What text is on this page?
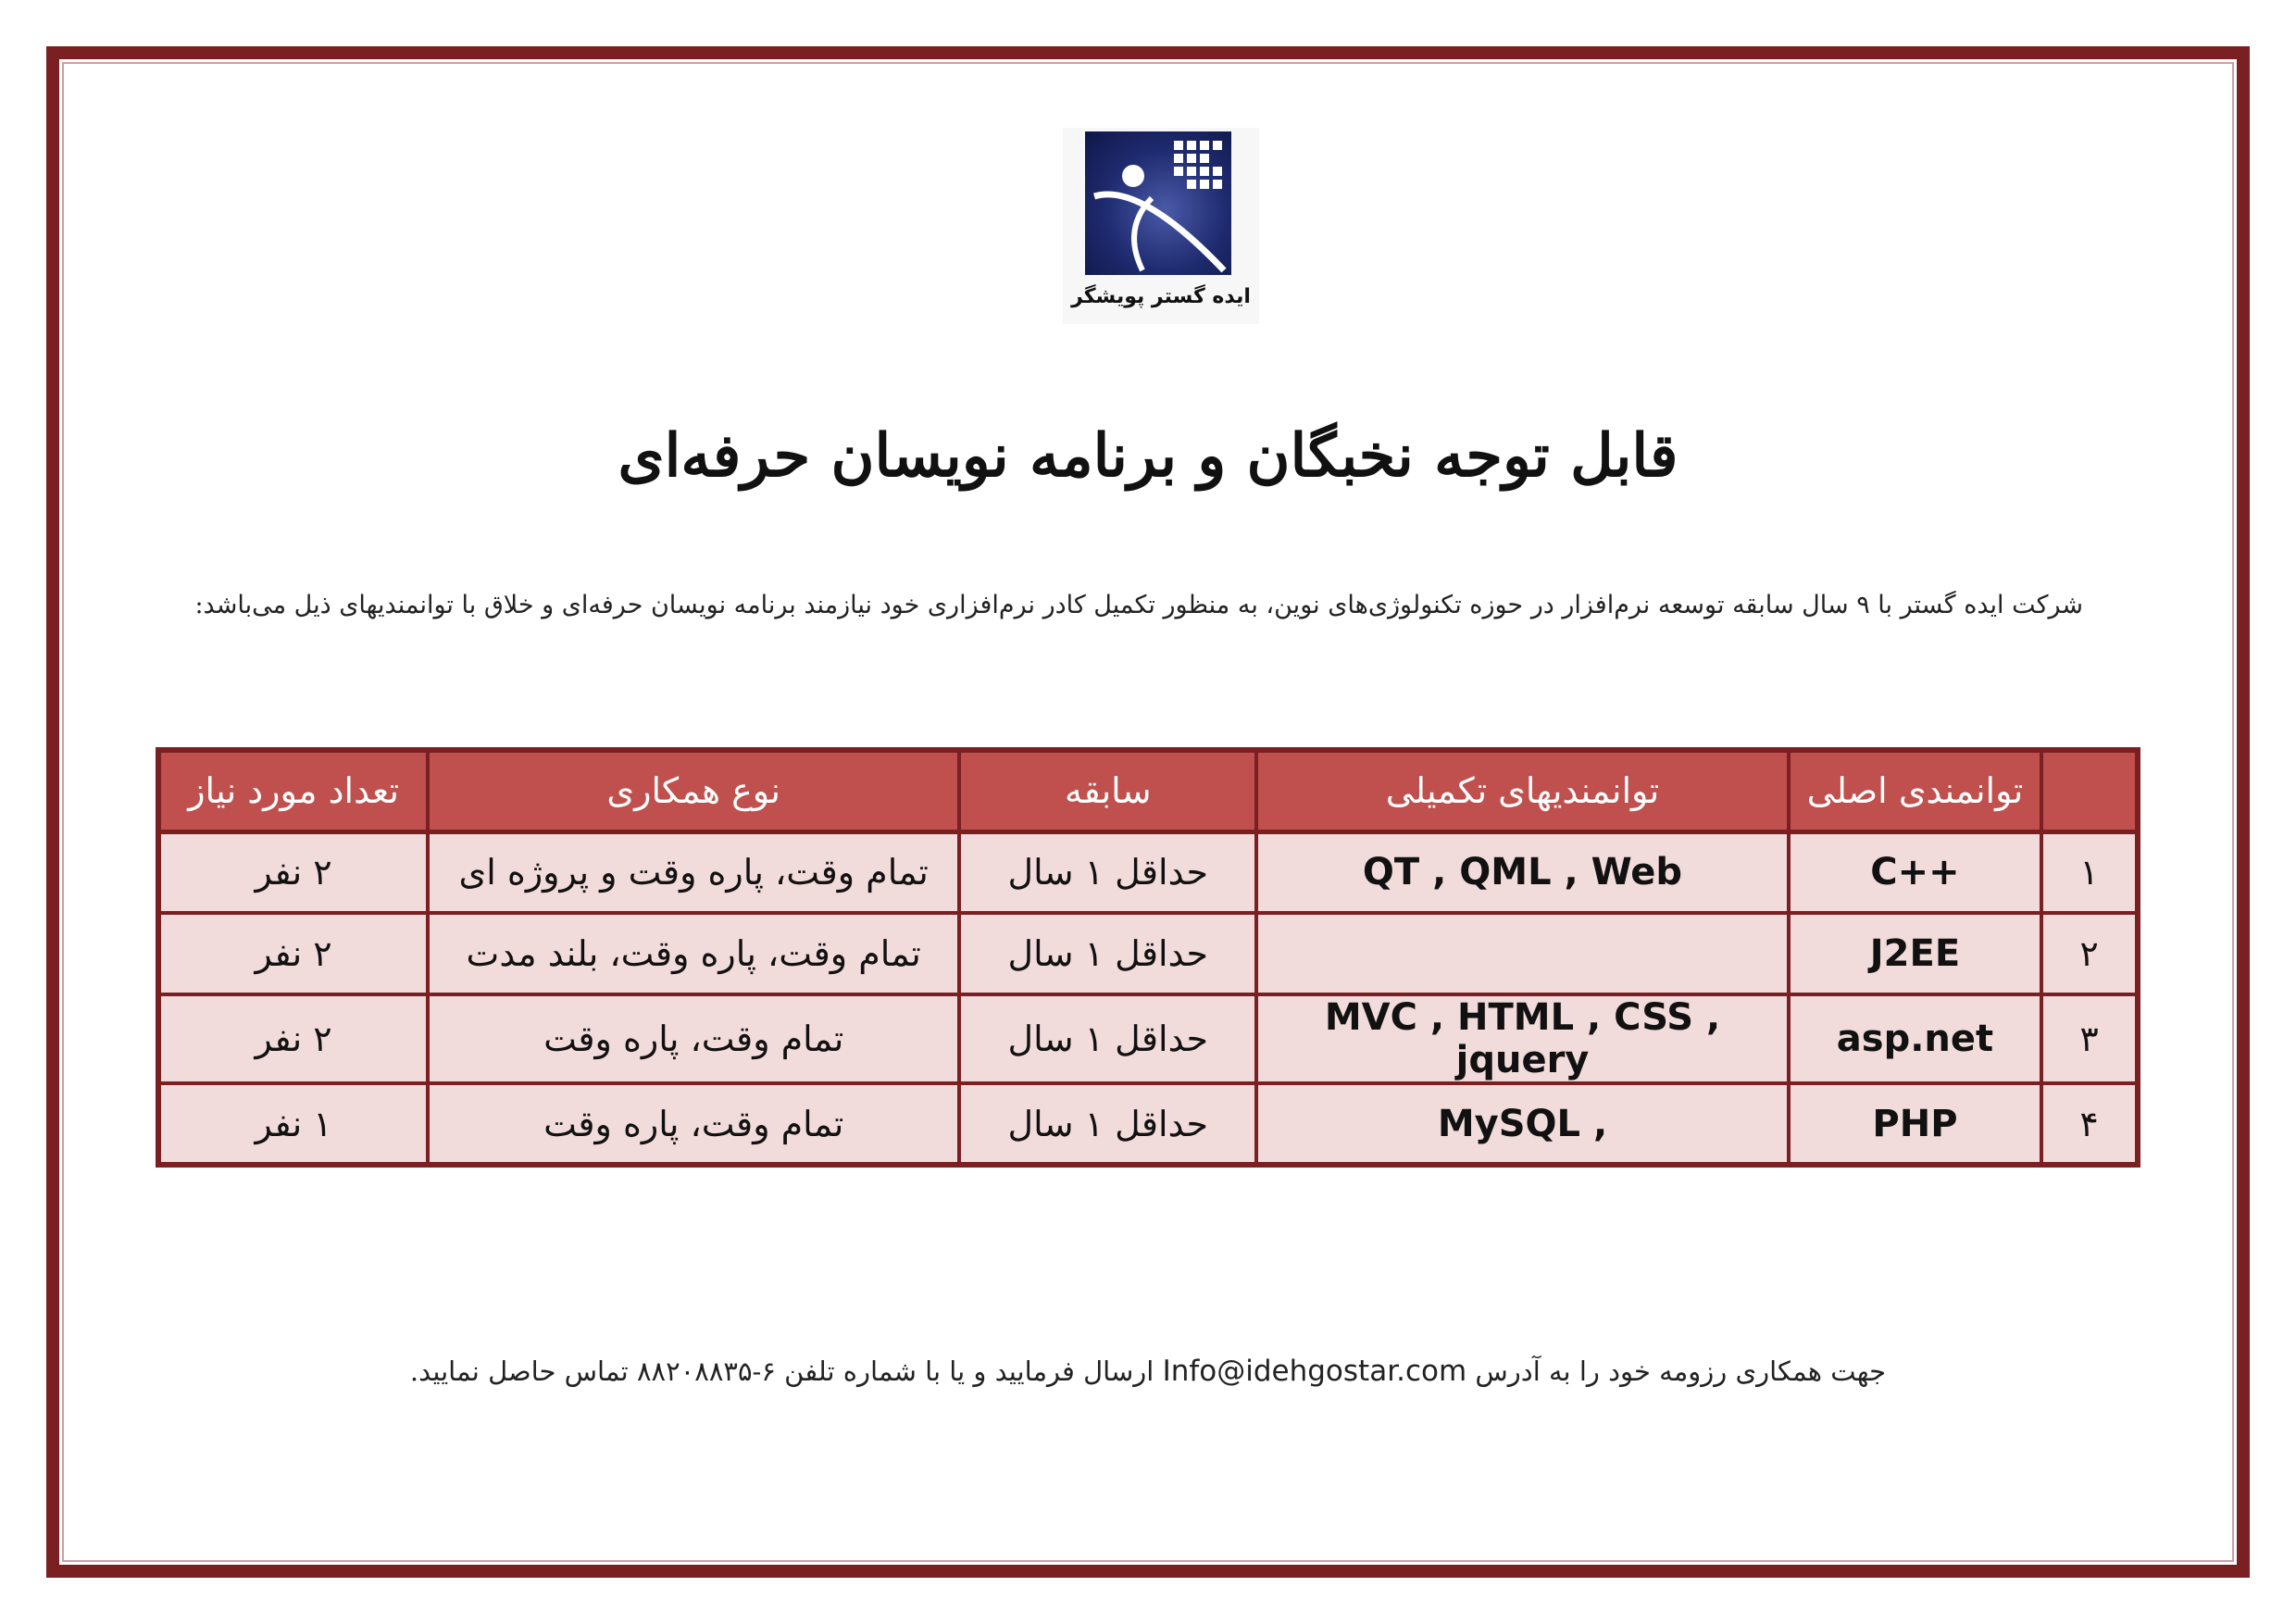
ایده گستر پویشگر
قابل توجه نخبگان و برنامه نویسان حرفه‌ای
شرکت ایده گستر با ۹ سال سابقه توسعه نرم‌افزار در حوزه تکنولوژی‌های نوین، به منظور تکمیل کادر نرم‌افزاری خود نیازمند برنامه نویسان حرفه‌ای و خلاق با توانمندیهای ذیل می‌باشد:
	توانمندی اصلی	توانمندیهای تکمیلی	سابقه	نوع همکاری	تعداد مورد نیاز
۱	C++	QT , QML , Web	حداقل ۱ سال	تمام وقت، پاره وقت و پروژه ای	۲ نفر
۲	J2EE		حداقل ۱ سال	تمام وقت، پاره وقت، بلند مدت	۲ نفر
۳	asp.net	MVC , HTML , CSS , jquery	حداقل ۱ سال	تمام وقت، پاره وقت	۲ نفر
۴	PHP	MySQL ,	حداقل ۱ سال	تمام وقت، پاره وقت	۱ نفر
جهت همکاری رزومه خود را به آدرس Info@idehgostar.com ارسال فرمایید و یا با شماره تلفن ۶-۸۸۲۰۸۸۳۵ تماس حاصل نمایید.
